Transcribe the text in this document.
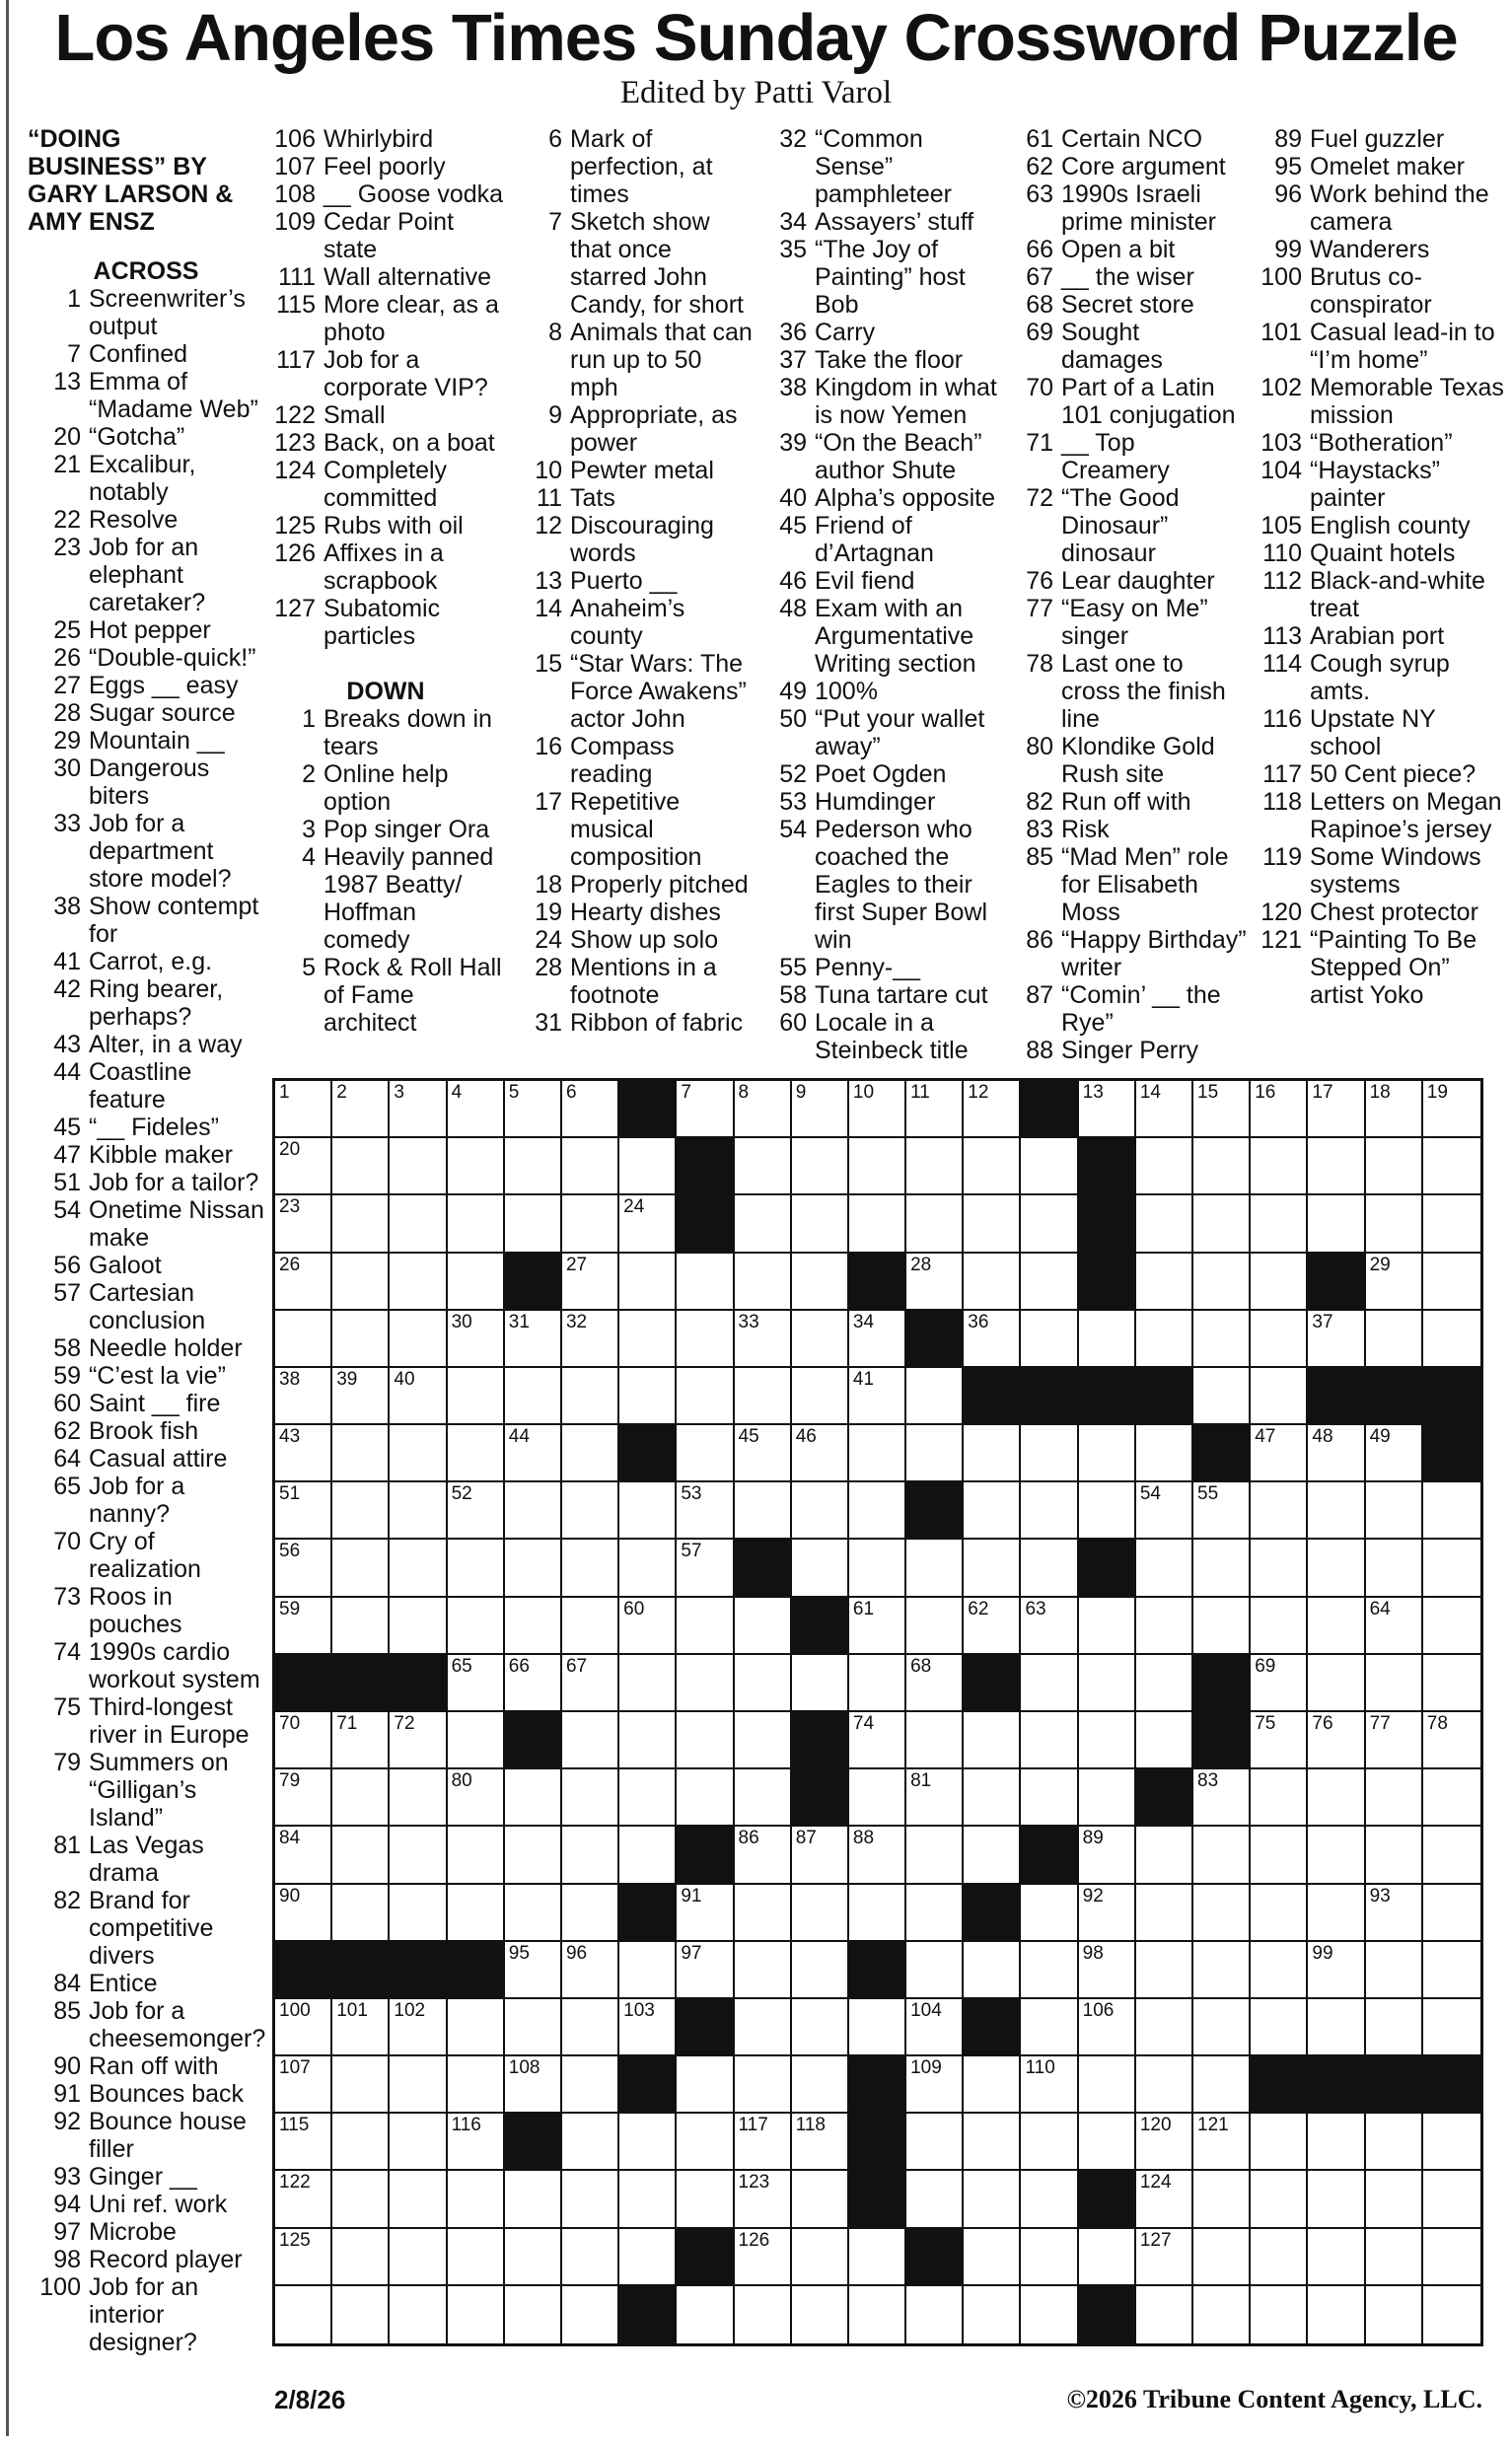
Los Angeles Times Sunday Crossword Puzzle
Edited by Patti Varol
“DOING BUSINESS” BY GARY LARSON & AMY ENSZ
ACROSS
1 Screenwriter’s output
7 Confined
13 Emma of “Madame Web”
20 “Gotcha”
21 Excalibur, notably
22 Resolve
23 Job for an elephant caretaker?
25 Hot pepper
26 “Double-quick!”
27 Eggs __ easy
28 Sugar source
29 Mountain __
30 Dangerous biters
33 Job for a department store model?
38 Show contempt for
41 Carrot, e.g.
42 Ring bearer, perhaps?
43 Alter, in a way
44 Coastline feature
45 “__ Fideles”
47 Kibble maker
51 Job for a tailor?
54 Onetime Nissan make
56 Galoot
57 Cartesian conclusion
58 Needle holder
59 “C’est la vie”
60 Saint __ fire
62 Brook fish
64 Casual attire
65 Job for a nanny?
70 Cry of realization
73 Roos in pouches
74 1990s cardio workout system
75 Third-longest river in Europe
79 Summers on “Gilligan’s Island”
81 Las Vegas drama
82 Brand for competitive divers
84 Entice
85 Job for a cheesemonger?
90 Ran off with
91 Bounces back
92 Bounce house filler
93 Ginger __
94 Uni ref. work
97 Microbe
98 Record player
100 Job for an interior designer?
106 Whirlybird
107 Feel poorly
108 __ Goose vodka
109 Cedar Point state
111 Wall alternative
115 More clear, as a photo
117 Job for a corporate VIP?
122 Small
123 Back, on a boat
124 Completely committed
125 Rubs with oil
126 Affixes in a scrapbook
127 Subatomic particles
DOWN
1 Breaks down in tears
2 Online help option
3 Pop singer Ora
4 Heavily panned 1987 Beatty/ Hoffman comedy
5 Rock & Roll Hall of Fame architect
6 Mark of perfection, at times
7 Sketch show that once starred John Candy, for short
8 Animals that can run up to 50 mph
9 Appropriate, as power
10 Pewter metal
11 Tats
12 Discouraging words
13 Puerto __
14 Anaheim’s county
15 “Star Wars: The Force Awakens” actor John
16 Compass reading
17 Repetitive musical composition
18 Properly pitched
19 Hearty dishes
24 Show up solo
28 Mentions in a footnote
31 Ribbon of fabric
32 “Common Sense” pamphleteer
34 Assayers’ stuff
35 “The Joy of Painting” host Bob
36 Carry
37 Take the floor
38 Kingdom in what is now Yemen
39 “On the Beach” author Shute
40 Alpha’s opposite
45 Friend of d’Artagnan
46 Evil fiend
48 Exam with an Argumentative Writing section
49 100%
50 “Put your wallet away”
52 Poet Ogden
53 Humdinger
54 Pederson who coached the Eagles to their first Super Bowl win
55 Penny-__
58 Tuna tartare cut
60 Locale in a Steinbeck title
61 Certain NCO
62 Core argument
63 1990s Israeli prime minister
66 Open a bit
67 __ the wiser
68 Secret store
69 Sought damages
70 Part of a Latin 101 conjugation
71 __ Top Creamery
72 “The Good Dinosaur” dinosaur
76 Lear daughter
77 “Easy on Me” singer
78 Last one to cross the finish line
80 Klondike Gold Rush site
82 Run off with
83 Risk
85 “Mad Men” role for Elisabeth Moss
86 “Happy Birthday” writer
87 “Comin’ __ the Rye”
88 Singer Perry
89 Fuel guzzler
95 Omelet maker
96 Work behind the camera
99 Wanderers
100 Brutus co-conspirator
101 Casual lead-in to “I’m home”
102 Memorable Texas mission
103 “Botheration”
104 “Haystacks” painter
105 English county
110 Quaint hotels
112 Black-and-white treat
113 Arabian port
114 Cough syrup amts.
116 Upstate NY school
117 50 Cent piece?
118 Letters on Megan Rapinoe’s jersey
119 Some Windows systems
120 Chest protector
121 “Painting To Be Stepped On” artist Yoko
1	2	3	4	5	6	7	8	9	10 11 12	13 14 15 16 17 18 19
20
23	24
26	27	28	29
30 31 32	33	34	36	37
38 39 40	41
43	44	45 46	47 48 49
51	52	53	54 55
56	57
59	60	61	62 63	64
65 66 67	68	69
70 71 72	74	75 76 77 78
79	80	81	83
84	86 87 88	89
90	91	92	93
95 96	97	98	99
100 101 102	103	104	106
107	108	109	110
115	116	117 118	120 121
122	123	124
125	126	127
2/8/26	©2026 Tribune Content Agency, LLC.
